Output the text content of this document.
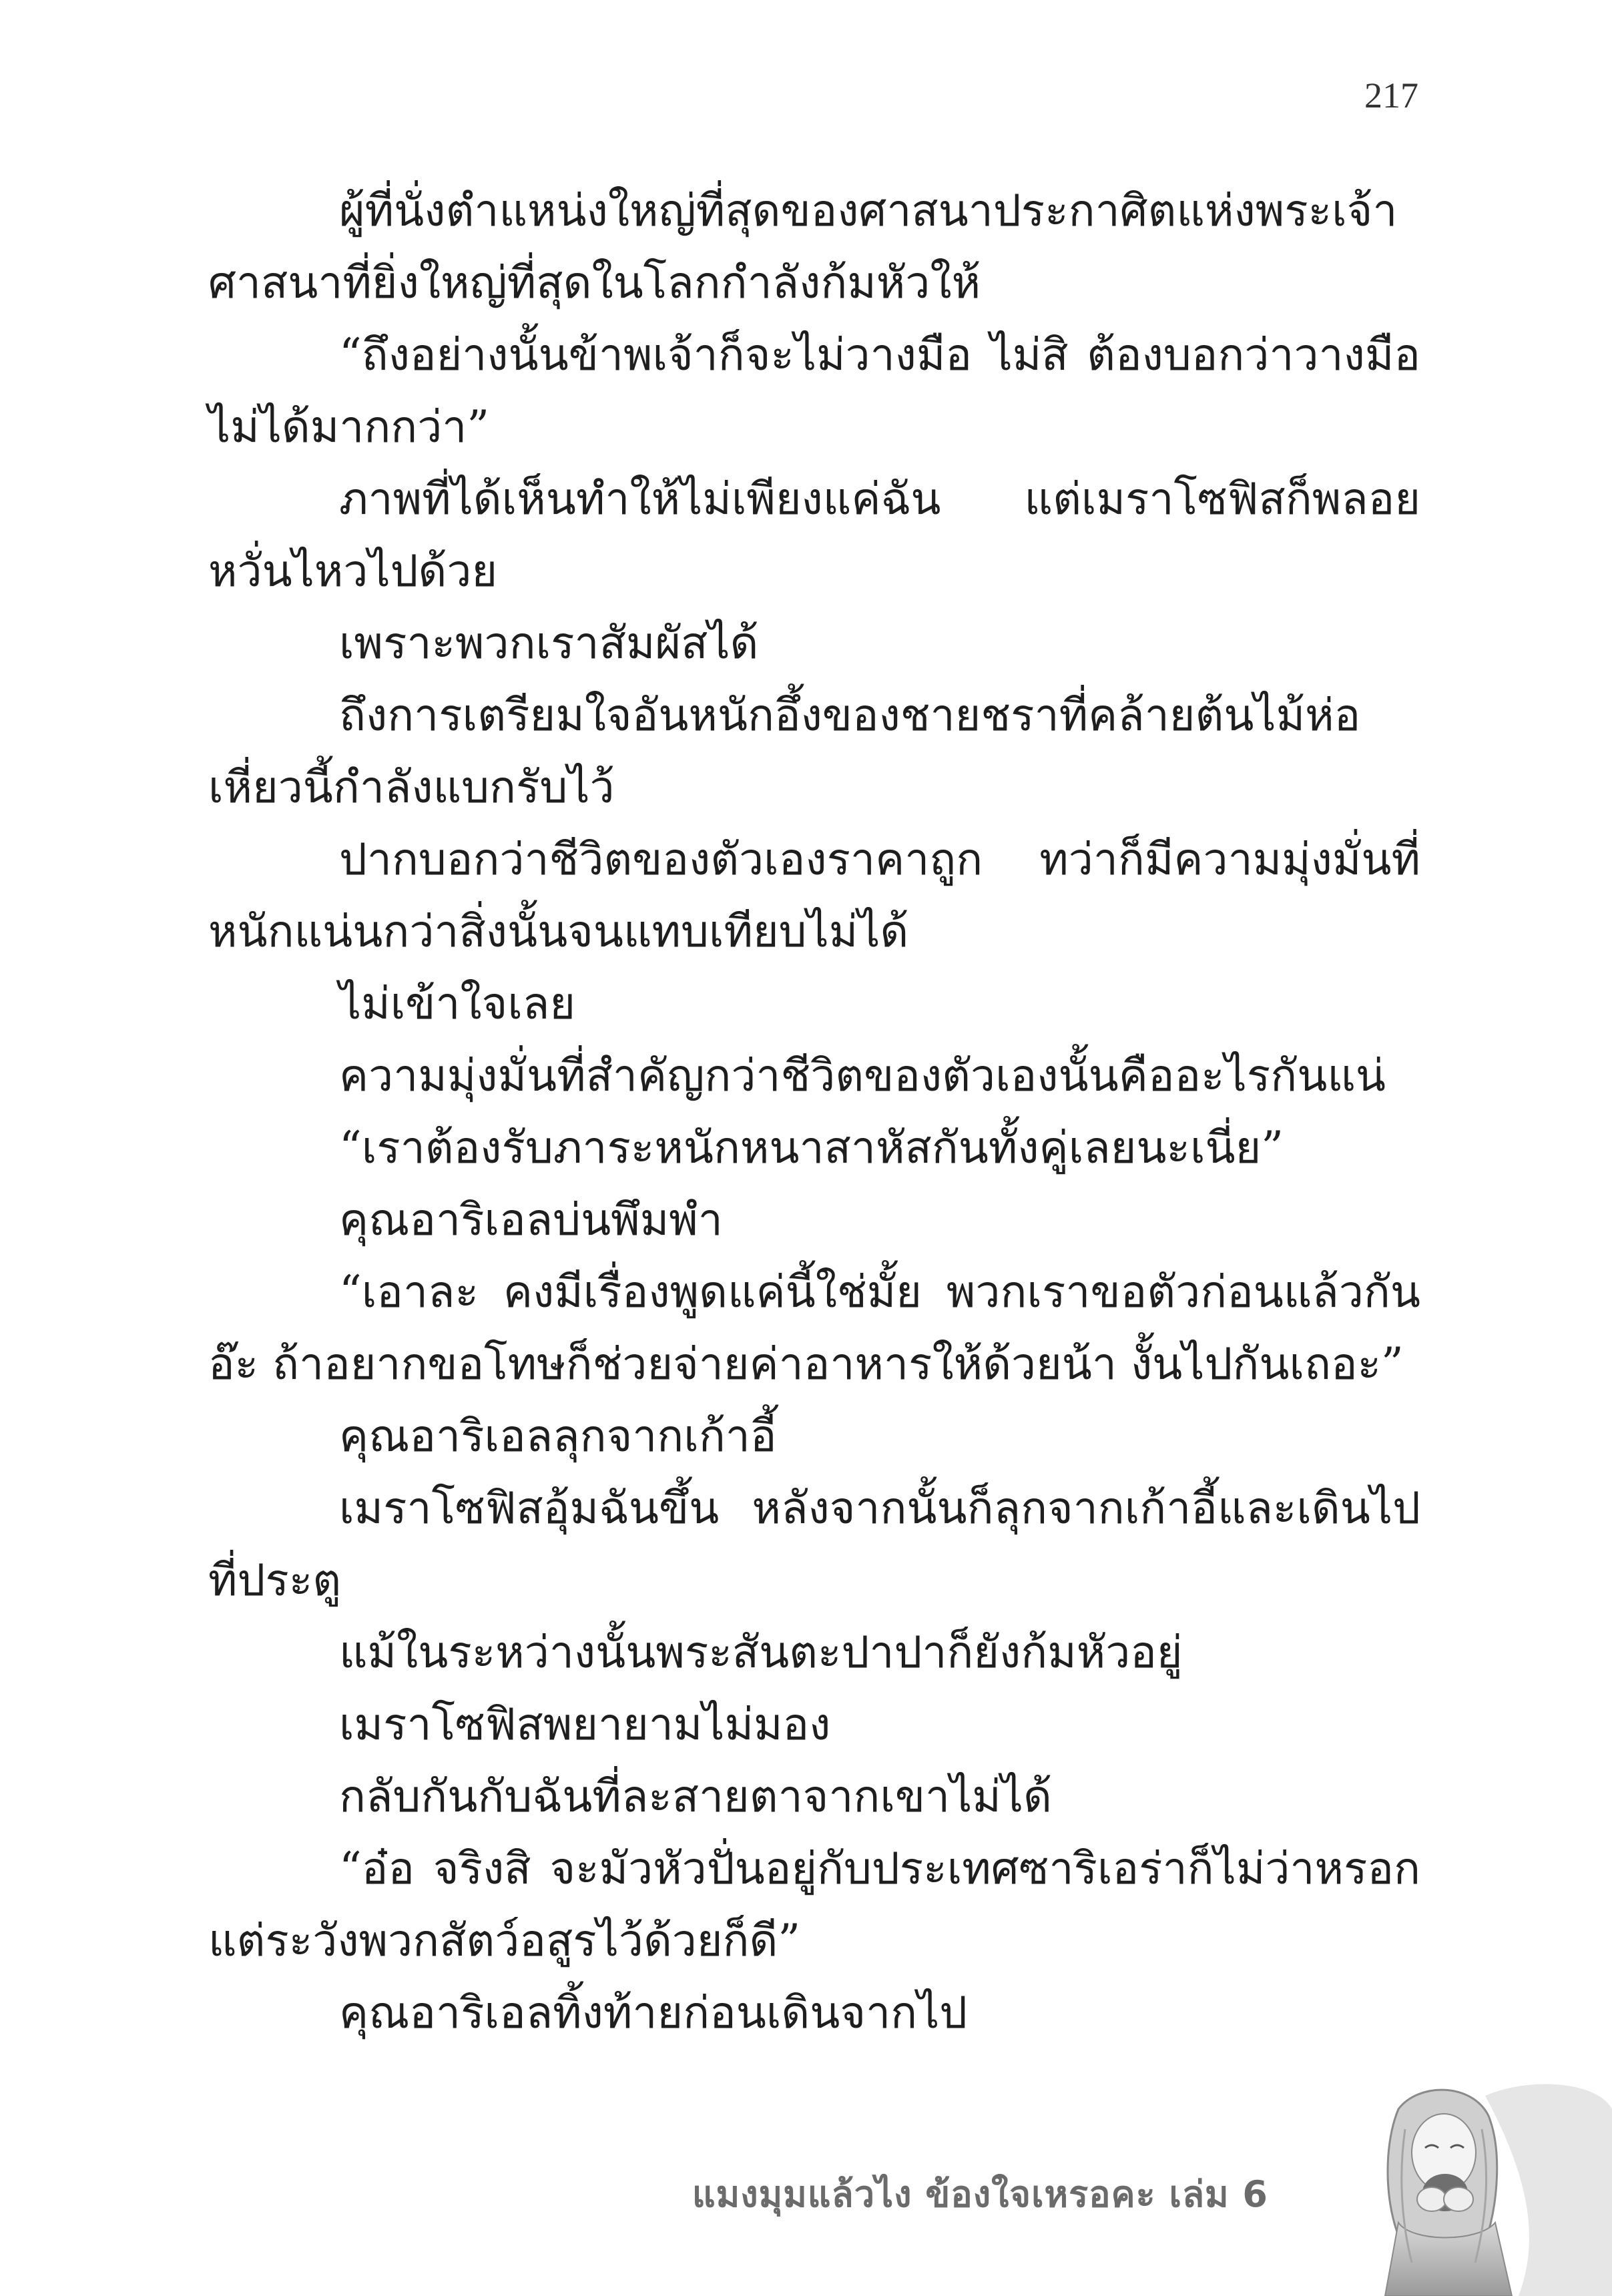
217

ผู้ที่นั่งตำแหน่งใหญ่ที่สุดของศาสนาประกาศิตแห่งพระเจ้า ศาสนาที่ยิ่งใหญ่ที่สุดในโลกกำลังก้มหัวให้

“ถึงอย่างนั้นข้าพเจ้าก็จะไม่วางมือ ไม่สิ ต้องบอกว่าวางมือไม่ได้มากกว่า”

ภาพที่ได้เห็นทำให้ไม่เพียงแค่ฉัน แต่เมราโซฟิสก็พลอยหวั่นไหวไปด้วย

เพราะพวกเราสัมผัสได้

ถึงการเตรียมใจอันหนักอึ้งของชายชราที่คล้ายต้นไม้ห่อเหี่ยวนี้กำลังแบกรับไว้

ปากบอกว่าชีวิตของตัวเองราคาถูก ทว่าก็มีความมุ่งมั่นที่หนักแน่นกว่าสิ่งนั้นจนแทบเทียบไม่ได้

ไม่เข้าใจเลย

ความมุ่งมั่นที่สำคัญกว่าชีวิตของตัวเองนั้นคืออะไรกันแน่

“เราต้องรับภาระหนักหนาสาหัสกันทั้งคู่เลยนะเนี่ย”

คุณอาริเอลบ่นพึมพำ

“เอาละ คงมีเรื่องพูดแค่นี้ใช่มั้ย พวกเราขอตัวก่อนแล้วกันอ๊ะ ถ้าอยากขอโทษก็ช่วยจ่ายค่าอาหารให้ด้วยน้า งั้นไปกันเถอะ”

คุณอาริเอลลุกจากเก้าอี้

เมราโซฟิสอุ้มฉันขึ้น หลังจากนั้นก็ลุกจากเก้าอี้และเดินไปที่ประตู

แม้ในระหว่างนั้นพระสันตะปาปาก็ยังก้มหัวอยู่

เมราโซฟิสพยายามไม่มอง

กลับกันกับฉันที่ละสายตาจากเขาไม่ได้

“อ๋อ จริงสิ จะมัวหัวปั่นอยู่กับประเทศซาริเอร่าก็ไม่ว่าหรอกแต่ระวังพวกสัตว์อสูรไว้ด้วยก็ดี”

คุณอาริเอลทิ้งท้ายก่อนเดินจากไป

แมงมุมแล้วไง ข้องใจเหรอคะ เล่ม 6
